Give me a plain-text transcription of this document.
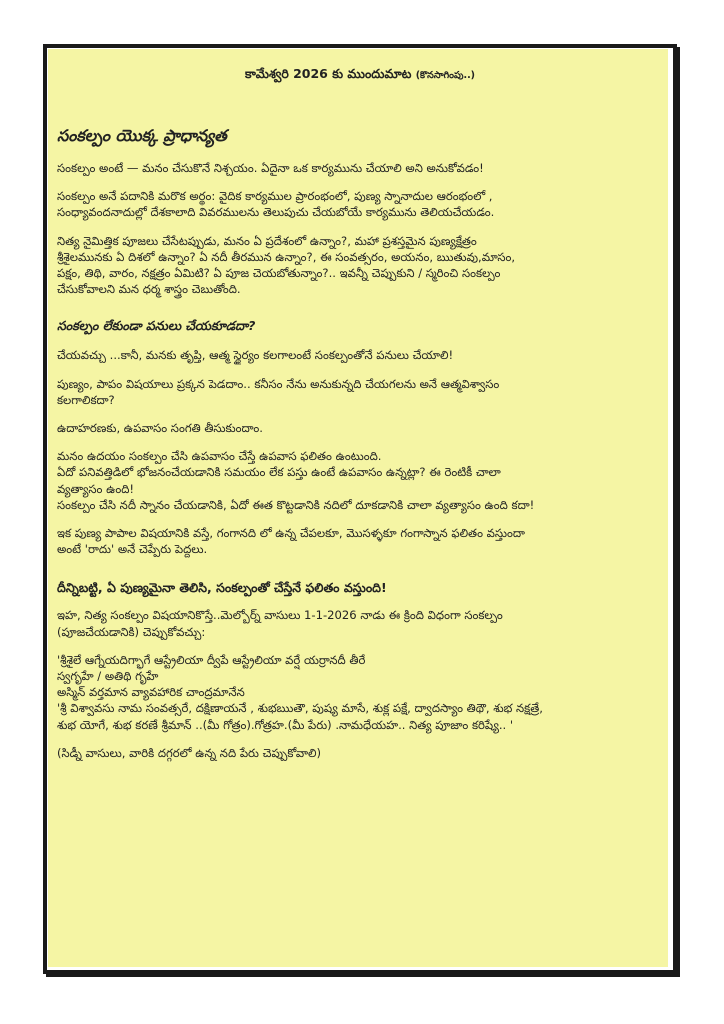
కామేశ్వరి 2026 కు ముందుమాట (కొనసాగింపు..)
సంకల్పం యొక్క ప్రాధాన్యత

సంకల్పం అంటే — మనం చేసుకొనే నిశ్చయం. ఏదైనా ఒక కార్యమును చేయాలి అని అనుకోవడం!

సంకల్పం అనే పదానికి మరొక అర్థం: వైదిక కార్యముల ప్రారంభంలో, పుణ్య స్నానాదుల ఆరంభంలో ,

సంధ్యావందనాదుల్లో దేశకాలాది వివరములను తెలుపుచు చేయబోయే కార్యమును తెలియచేయడం.

నిత్య నైమిత్తిక పూజలు చేసేటప్పుడు, మనం ఏ ప్రదేశంలో ఉన్నాం?, మహా ప్రశస్తమైన పుణ్యక్షేత్రం

శ్రీశైలమునకు ఏ దిశలో ఉన్నాం? ఏ నదీ తీరమున ఉన్నాం?, ఈ సంవత్సరం, అయనం, ఋతువు,మాసం,

పక్షం, తిథి, వారం, నక్షత్రం ఏమిటి? ఏ పూజ చెయబోతున్నాం?.. ఇవన్నీ చెప్పుకుని / స్మరించి సంకల్పం

చేసుకోవాలని మన ధర్మ శాస్త్రం చెబుతోంది.

సంకల్పం లేకుండా పనులు చేయకూడదా?

చేయవచ్చు ...కానీ, మనకు తృప్తి, ఆత్మ స్థైర్యం కలగాలంటే సంకల్పంతోనే పనులు చేయాలి!

పుణ్యం, పాపం విషయాలు ప్రక్కన పెడదాం.. కనీసం నేను అనుకున్నది చేయగలను అనే ఆత్మవిశ్వాసం

కలగాలికదా?

ఉదాహరణకు, ఉపవాసం సంగతి తీసుకుందాం.

మనం ఉదయం సంకల్పం చేసి ఉపవాసం చేస్తే ఉపవాస ఫలితం ఉంటుంది.

ఏదో పనివత్తిడిలో భోజనంచేయడానికి సమయం లేక పస్తు ఉంటే ఉపవాసం ఉన్నట్లా? ఈ రెంటికీ చాలా

వ్యత్యాసం ఉంది!

సంకల్పం చేసి నదీ స్నానం చేయడానికి, ఏదో ఈత కొట్టడానికి నదిలో దూకడానికి చాలా వ్యత్యాసం ఉంది కదా!

ఇక పుణ్య పాపాల విషయానికి వస్తే, గంగానది లో ఉన్న చేపలకూ, మొసళ్ళకూ గంగాస్నాన ఫలితం వస్తుందా

అంటే 'రాదు' అనే చెప్పేరు పెద్దలు.

దీన్నిబట్టి, ఏ పుణ్యమైనా తెలిసి, సంకల్పంతో చేస్తేనే ఫలితం వస్తుంది!

ఇహ, నిత్య సంకల్పం విషయానికొస్తే..మెల్బోర్న్ వాసులు 1-1-2026 నాడు ఈ క్రింది విధంగా సంకల్పం

(పూజచేయడానికి) చెప్పుకోవచ్చు:

'శ్రీశైలే ఆగ్నేయదిగ్భాగే ఆస్ట్రేలియా ద్వీపే ఆస్ట్రేలియా వర్షే యర్రానదీ తీరే

స్వగృహే / అతిథి గృహే

అస్మిన్ వర్తమాన వ్యావహారిక చాంద్రమానేన

'శ్రీ విశ్వావసు నామ సంవత్సరే, దక్షిణాయనే , శుభఋతౌ, పుష్య మాసే, శుక్ల పక్షే, ద్వాదస్యాం తిథౌ, శుభ నక్షత్రే,

శుభ యోగే, శుభ కరణే శ్రీమాన్ ..(మీ గోత్రం).గోత్రహ.(మీ పేరు) .నామధేయహ.. నిత్య పూజాం కరిష్యే.. '

(సిడ్నీ వాసులు, వారికి దగ్గరలో ఉన్న నది పేరు చెప్పుకోవాలి)
